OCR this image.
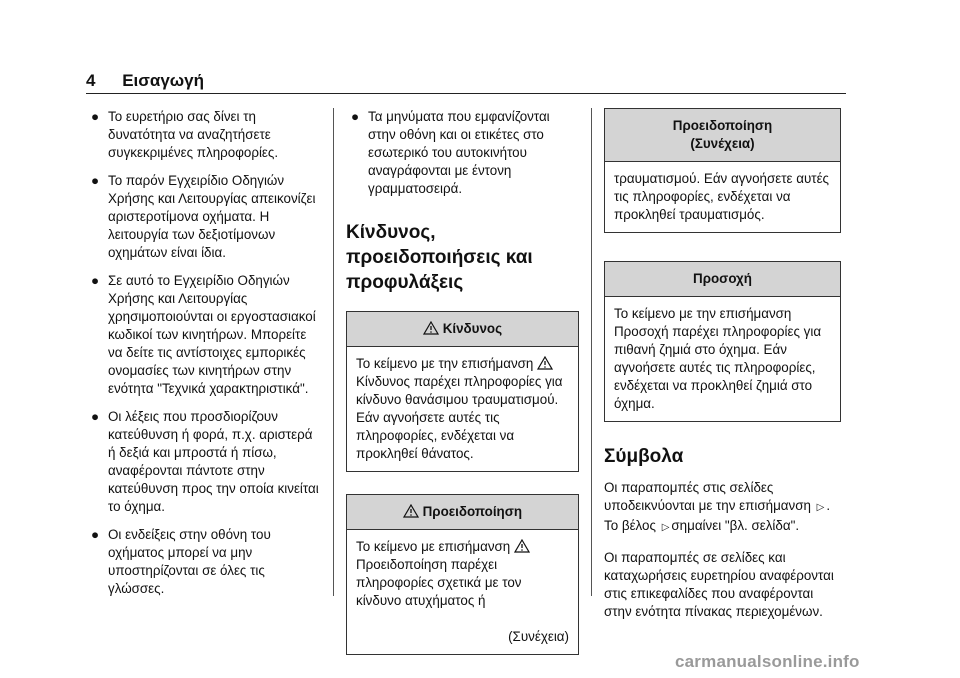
4 Εισαγωγή
● Το ευρετήριο σας δίνει τη δυνατότητα να αναζητήσετε συγκεκριμένες πληροφορίες.
● Το παρόν Εγχειρίδιο Οδηγιών Χρήσης και Λειτουργίας απεικονίζει αριστεροτίμονα οχήματα. Η λειτουργία των δεξιοτίμονων οχημάτων είναι ίδια.
● Σε αυτό το Εγχειρίδιο Οδηγιών Χρήσης και Λειτουργίας χρησιμοποιούνται οι εργοστασιακοί κωδικοί των κινητήρων. Μπορείτε να δείτε τις αντίστοιχες εμπορικές ονομασίες των κινητήρων στην ενότητα "Τεχνικά χαρακτηριστικά".
● Οι λέξεις που προσδιορίζουν κατεύθυνση ή φορά, π.χ. αριστερά ή δεξιά και μπροστά ή πίσω, αναφέρονται πάντοτε στην κατεύθυνση προς την οποία κινείται το όχημα.
● Οι ενδείξεις στην οθόνη του οχήματος μπορεί να μην υποστηρίζονται σε όλες τις γλώσσες.
● Τα μηνύματα που εμφανίζονται στην οθόνη και οι ετικέτες στο εσωτερικό του αυτοκινήτου αναγράφονται με έντονη γραμματοσειρά.
Κίνδυνος, προειδοποιήσεις και προφυλάξεις
Κίνδυνος
Το κείμενο με την επισήμανση  Κίνδυνος παρέχει πληροφορίες για κίνδυνο θανάσιμου τραυματισμού. Εάν αγνοήσετε αυτές τις πληροφορίες, ενδέχεται να προκληθεί θάνατος.
Προειδοποίηση
Το κείμενο με επισήμανση  Προειδοποίηση παρέχει πληροφορίες σχετικά με τον κίνδυνο ατυχήματος ή
(Συνέχεια)
Προειδοποίηση
(Συνέχεια)
τραυματισμού. Εάν αγνοήσετε αυτές τις πληροφορίες, ενδέχεται να προκληθεί τραυματισμός.
Προσοχή
Το κείμενο με την επισήμανση Προσοχή παρέχει πληροφορίες για πιθανή ζημιά στο όχημα. Εάν αγνοήσετε αυτές τις πληροφορίες, ενδέχεται να προκληθεί ζημιά στο όχημα.
Σύμβολα
Οι παραπομπές στις σελίδες υποδεικνύονται με την επισήμανση ▷ . Το βέλος ▷ σημαίνει "βλ. σελίδα".
Οι παραπομπές σε σελίδες και καταχωρήσεις ευρετηρίου αναφέρονται στις επικεφαλίδες που αναφέρονται στην ενότητα πίνακας περιεχομένων.
carmanualsonline.info
